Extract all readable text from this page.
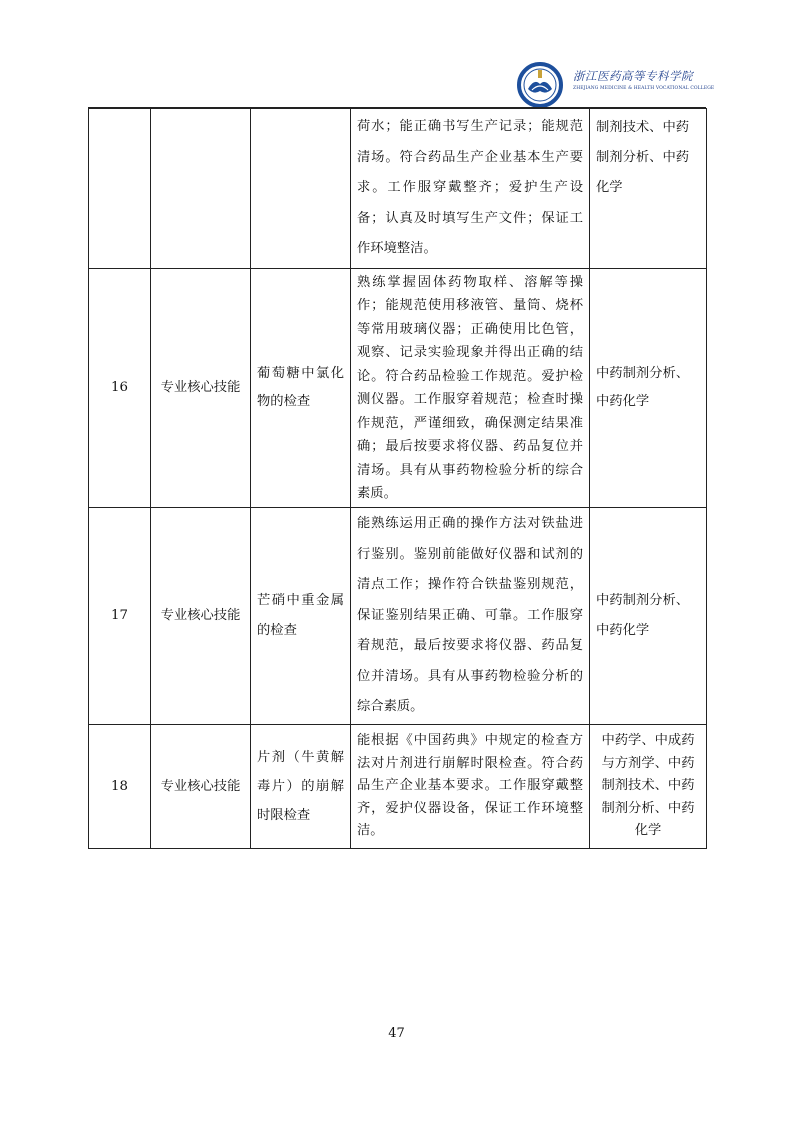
浙江医药高等专科学院
ZHEJIANG MEDICINE & HEALTH VOCATIONAL COLLEGE
			荷水；能正确书写生产记录；能规范清场。符合药品生产企业基本生产要求。工作服穿戴整齐；爱护生产设备；认真及时填写生产文件；保证工作环境整洁。	制剂技术、中药制剂分析、中药化学
16	专业核心技能	葡萄糖中氯化物的检查	熟练掌握固体药物取样、溶解等操作；能规范使用移液管、量筒、烧杯等常用玻璃仪器；正确使用比色管，观察、记录实验现象并得出正确的结论。符合药品检验工作规范。爱护检测仪器。工作服穿着规范；检查时操作规范，严谨细致，确保测定结果准确；最后按要求将仪器、药品复位并清场。具有从事药物检验分析的综合素质。	中药制剂分析、中药化学
17	专业核心技能	芒硝中重金属的检查	能熟练运用正确的操作方法对铁盐进行鉴别。鉴别前能做好仪器和试剂的清点工作；操作符合铁盐鉴别规范，保证鉴别结果正确、可靠。工作服穿着规范，最后按要求将仪器、药品复位并清场。具有从事药物检验分析的综合素质。	中药制剂分析、中药化学
18	专业核心技能	片剂（牛黄解毒片）的崩解时限检查	能根据《中国药典》中规定的检查方法对片剂进行崩解时限检查。符合药品生产企业基本要求。工作服穿戴整齐，爱护仪器设备，保证工作环境整洁。	中药学、中成药与方剂学、中药制剂技术、中药制剂分析、中药化学
47
